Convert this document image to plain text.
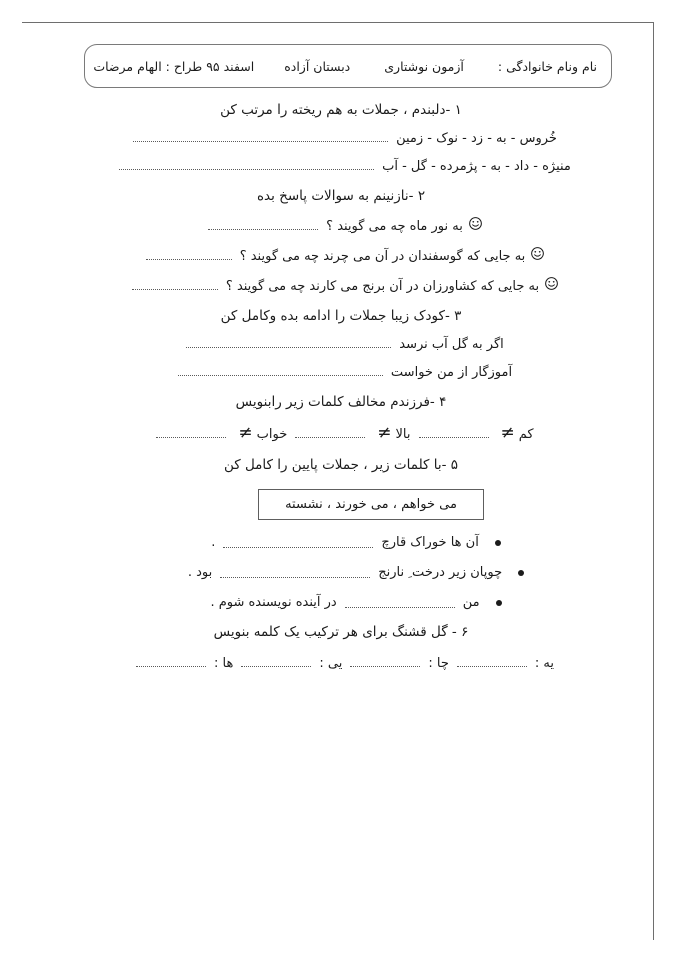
نام ونام خانوادگی :
آزمون نوشتاری
دبستان آزاده
اسفند ۹۵ طراح : الهام مرضات
۱ -دلبندم ، جملات به هم ریخته را مرتب کن
خُروس - به - زد - نوک - زمین
منیژه - داد - به - پژمرده - گل - آب
۲ -نازنینم به سوالات پاسخ بده
به نور ماه چه می گویند ؟
به جایی که گوسفندان در آن می چرند چه می گویند ؟
به جایی که کشاورزان در آن برنج می کارند چه می گویند ؟
۳ -کودک زیبا جملات را ادامه بده وکامل کن
اگر به گل آب نرسد
آموزگار از من خواست
۴ -فرزندم مخالف کلمات زیر رابنویس
کم
≠
بالا
≠
خواب
≠
۵ -با کلمات زیر ، جملات پایین را کامل کن
می خواهم ، می خورند ، نشسته
آن ها خوراک قارچ
.
چوپان زیر درخت ِ نارنج
بود .
من
در آینده نویسنده شوم .
۶ - گل قشنگ برای هر ترکیب یک کلمه بنویس
یه :
چا :
یی :
ها :
